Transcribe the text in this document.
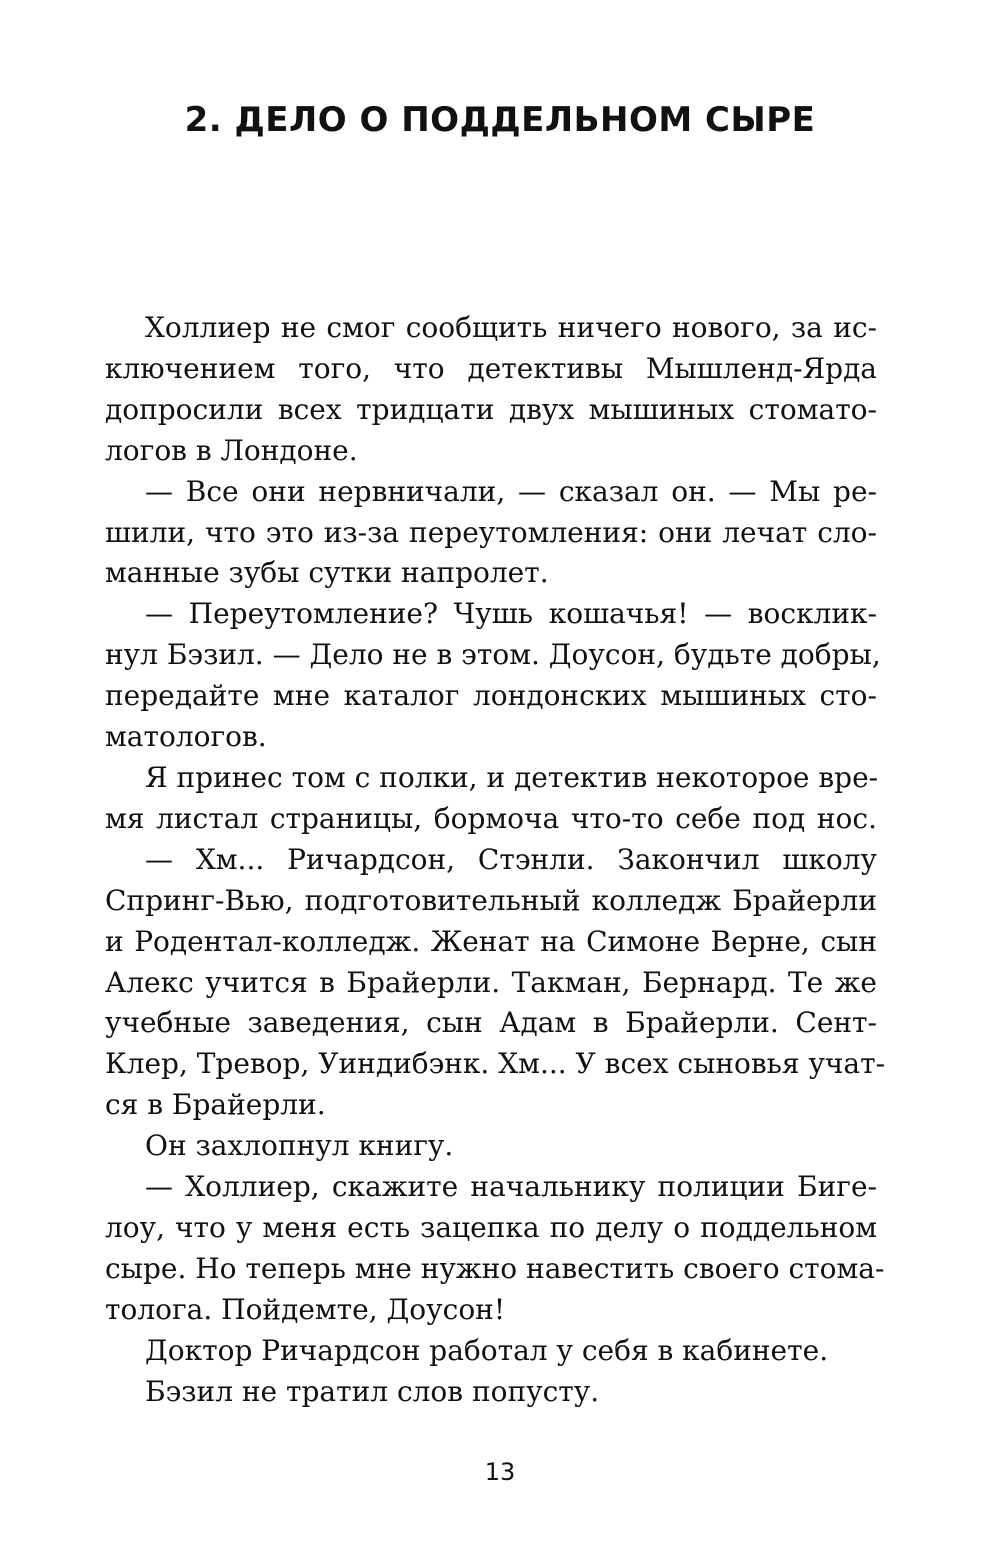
2. ДЕЛО О ПОДДЕЛЬНОМ СЫРЕ
Холлиер не смог сообщить ничего нового, за ис-
ключением того, что детективы Мышленд-Ярда
допросили всех тридцати двух мышиных стомато-
логов в Лондоне.
— Все они нервничали, — сказал он. — Мы ре-
шили, что это из-за переутомления: они лечат сло-
манные зубы сутки напролет.
— Переутомление? Чушь кошачья! — восклик-
нул Бэзил. — Дело не в этом. Доусон, будьте добры,
передайте мне каталог лондонских мышиных сто-
матологов.
Я принес том с полки, и детектив некоторое вре-
мя листал страницы, бормоча что-то себе под нос.
— Хм... Ричардсон, Стэнли. Закончил школу
Спринг-Вью, подготовительный колледж Брайерли
и Родентал-колледж. Женат на Симоне Верне, сын
Алекс учится в Брайерли. Такман, Бернард. Те же
учебные заведения, сын Адам в Брайерли. Сент-
Клер, Тревор, Уиндибэнк. Хм... У всех сыновья учат-
ся в Брайерли.
Он захлопнул книгу.
— Холлиер, скажите начальнику полиции Биге-
лоу, что у меня есть зацепка по делу о поддельном
сыре. Но теперь мне нужно навестить своего стома-
толога. Пойдемте, Доусон!
Доктор Ричардсон работал у себя в кабинете.
Бэзил не тратил слов попусту.
13
